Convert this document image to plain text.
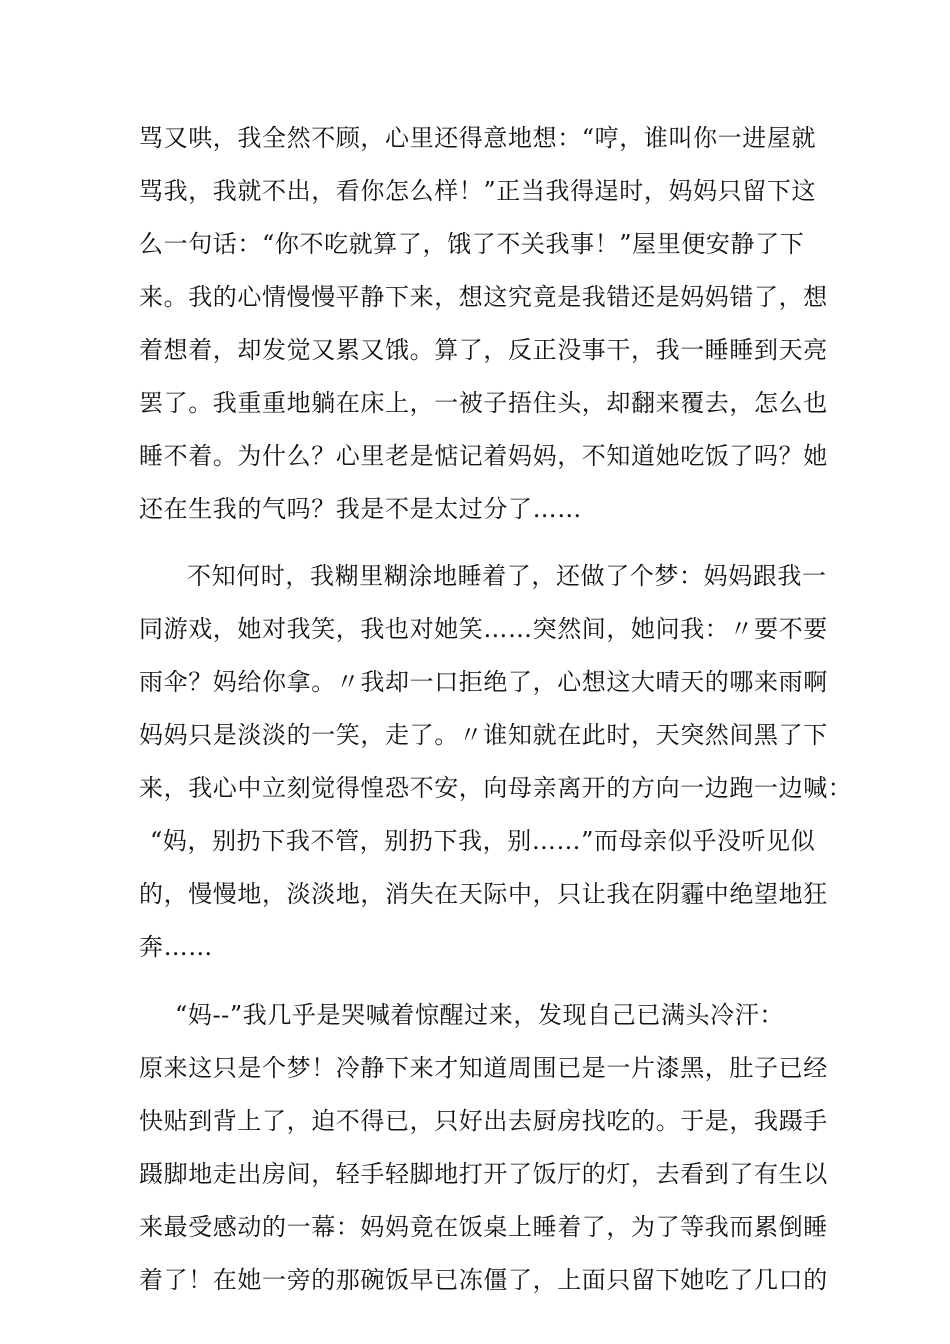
骂又哄，我全然不顾，心里还得意地想：“哼，谁叫你一进屋就
骂我，我就不出，看你怎么样！”正当我得逞时，妈妈只留下这
么一句话：“你不吃就算了，饿了不关我事！”屋里便安静了下
来。我的心情慢慢平静下来，想这究竟是我错还是妈妈错了，想
着想着，却发觉又累又饿。算了，反正没事干，我一睡睡到天亮
罢了。我重重地躺在床上，一被子捂住头，却翻来覆去，怎么也
睡不着。为什么？心里老是惦记着妈妈，不知道她吃饭了吗？她
还在生我的气吗？我是不是太过分了……
不知何时，我糊里糊涂地睡着了，还做了个梦：妈妈跟我一
同游戏，她对我笑，我也对她笑……突然间，她问我：〃要不要
雨伞？妈给你拿。〃我却一口拒绝了，心想这大晴天的哪来雨啊
妈妈只是淡淡的一笑，走了。〃谁知就在此时，天突然间黑了下
来，我心中立刻觉得惶恐不安，向母亲离开的方向一边跑一边喊：
“妈，别扔下我不管，别扔下我，别……”而母亲似乎没听见似
的，慢慢地，淡淡地，消失在天际中，只让我在阴霾中绝望地狂
奔……
“妈--”我几乎是哭喊着惊醒过来，发现自己已满头冷汗：
原来这只是个梦！冷静下来才知道周围已是一片漆黑，肚子已经
快贴到背上了，迫不得已，只好出去厨房找吃的。于是，我蹑手
蹑脚地走出房间，轻手轻脚地打开了饭厅的灯，去看到了有生以
来最受感动的一幕：妈妈竟在饭桌上睡着了，为了等我而累倒睡
着了！在她一旁的那碗饭早已冻僵了，上面只留下她吃了几口的
